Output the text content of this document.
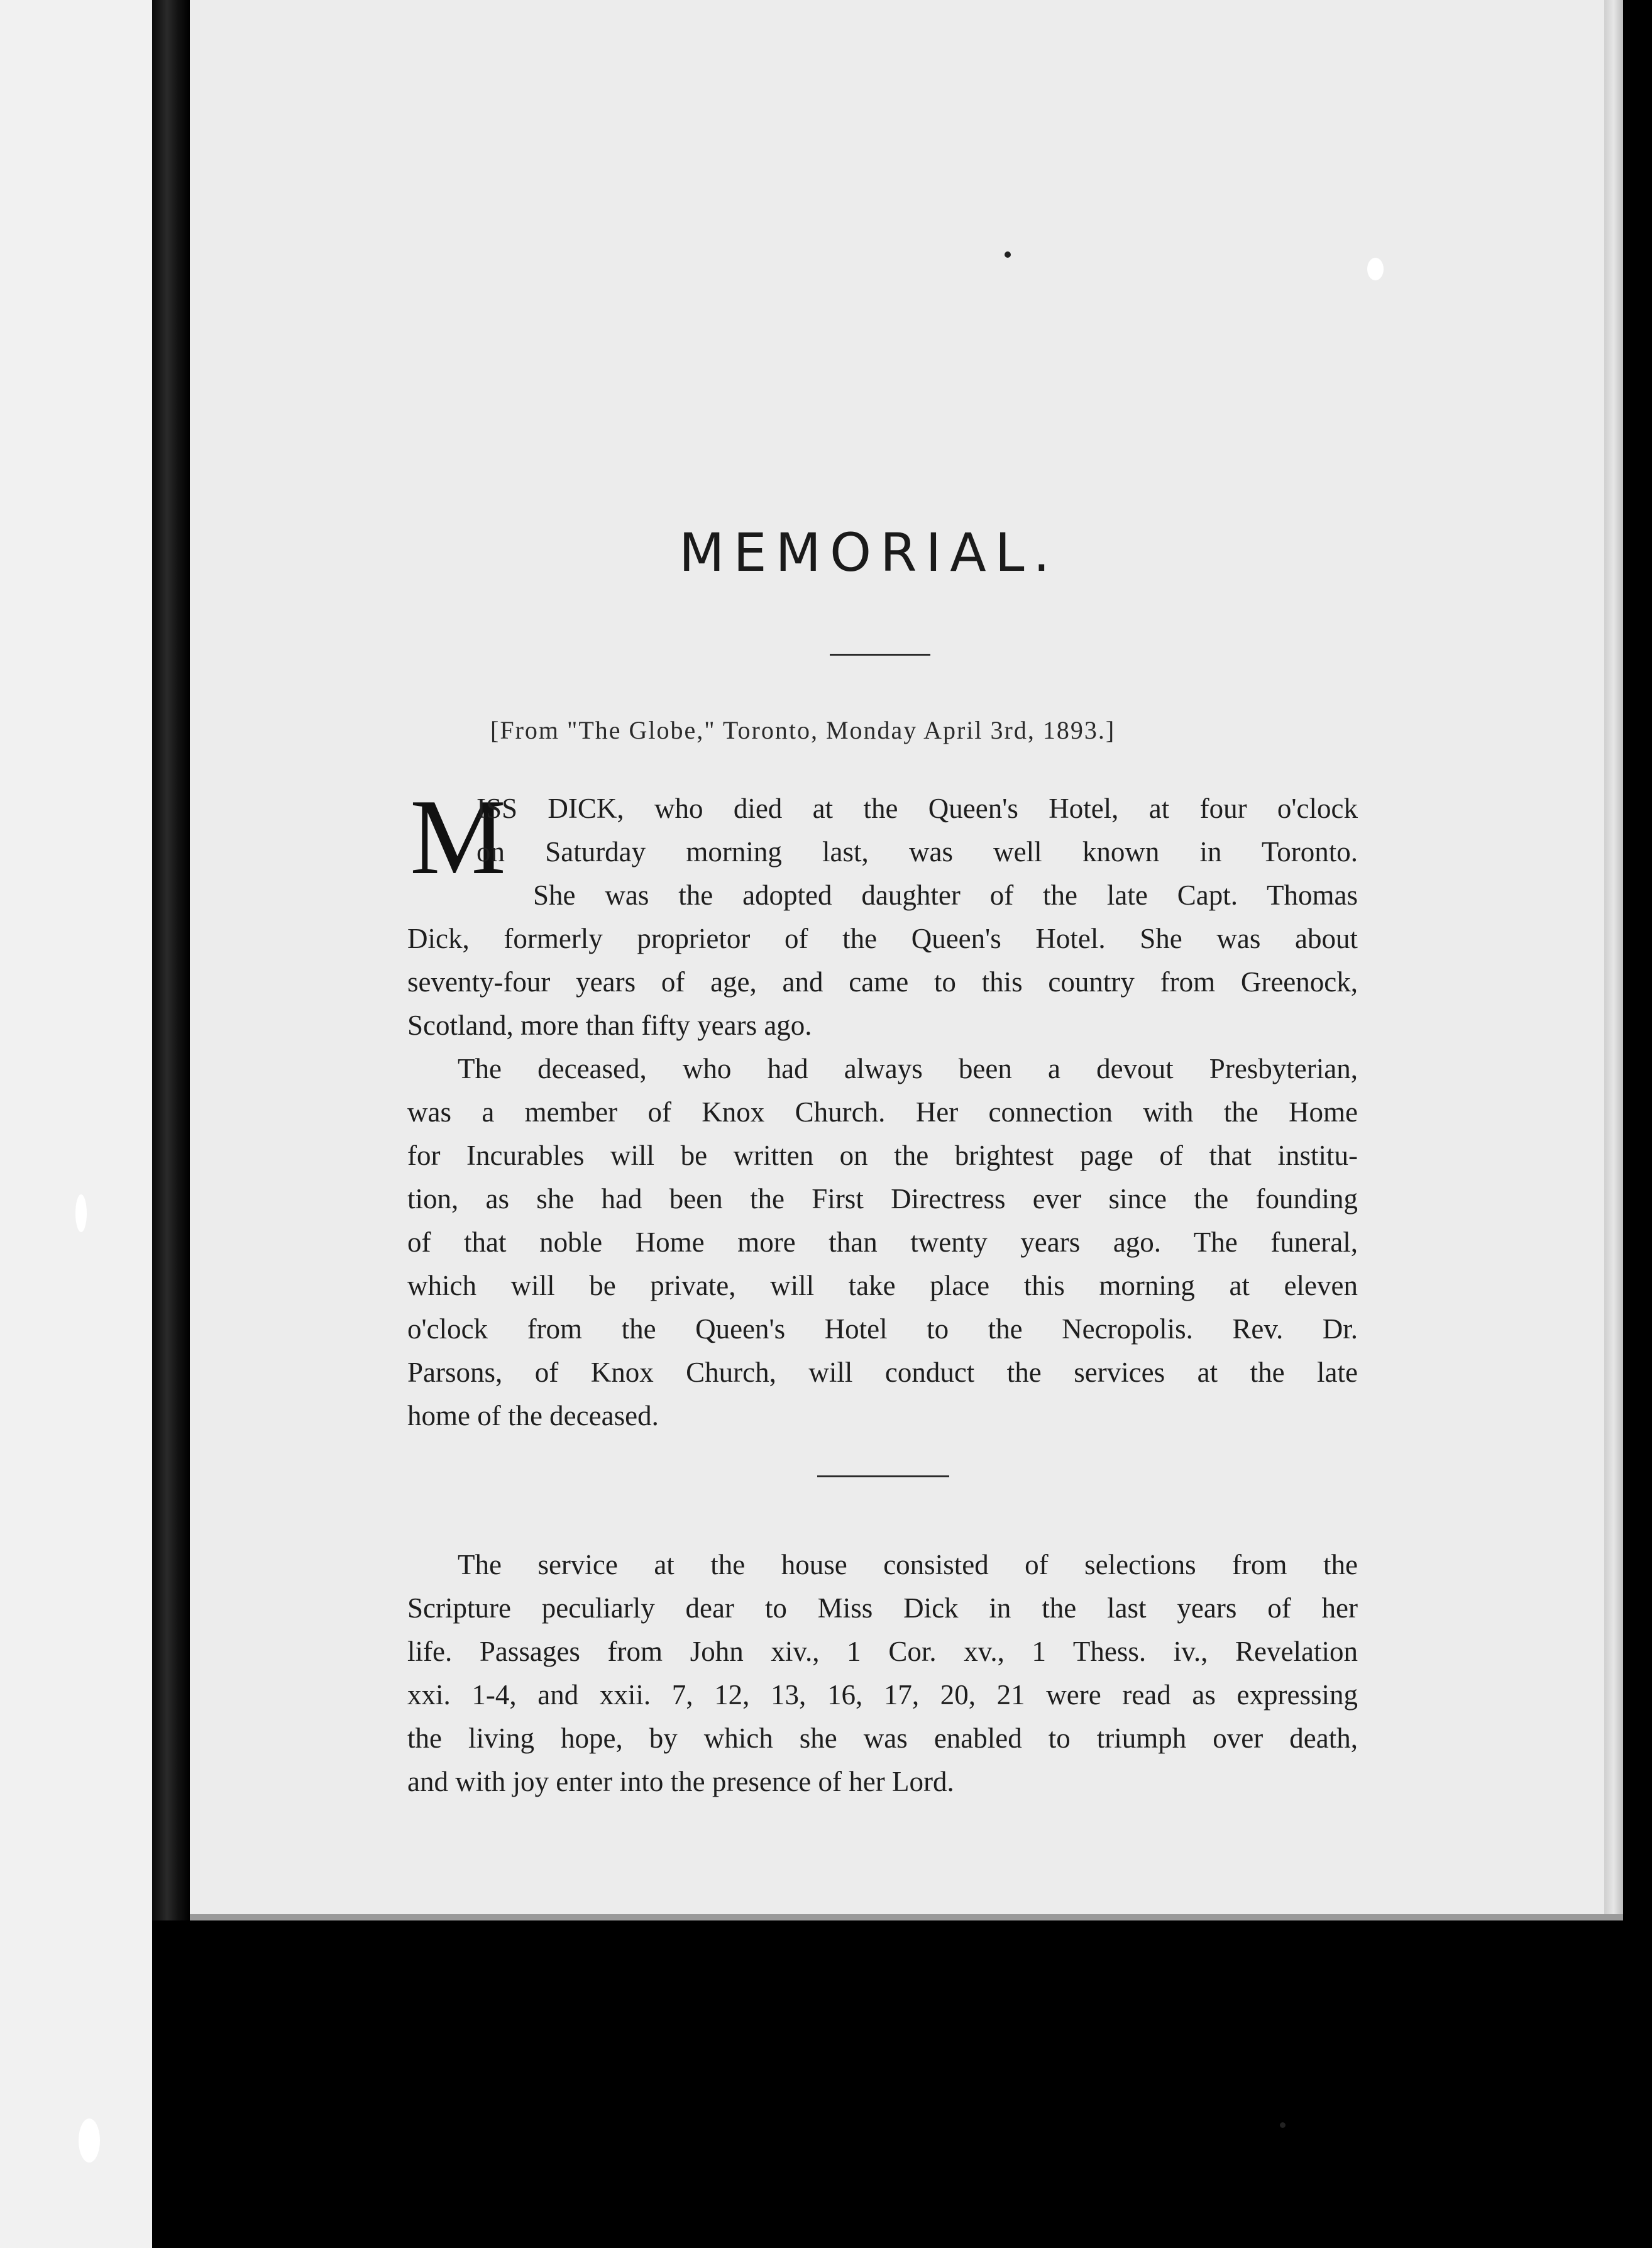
MEMORIAL.
[From "The Globe," Toronto, Monday April 3rd, 1893.]
M
ISS DICK, who died at the Queen's Hotel, at four o'clock
on Saturday morning last, was well known in Toronto.
She was the adopted daughter of the late Capt. Thomas
Dick, formerly proprietor of the Queen's Hotel. She was about
seventy-four years of age, and came to this country from Greenock,
Scotland, more than fifty years ago.
The deceased, who had always been a devout Presbyterian,
was a member of Knox Church. Her connection with the Home
for Incurables will be written on the brightest page of that institu-
tion, as she had been the First Directress ever since the founding
of that noble Home more than twenty years ago. The funeral,
which will be private, will take place this morning at eleven
o'clock from the Queen's Hotel to the Necropolis. Rev. Dr.
Parsons, of Knox Church, will conduct the services at the late
home of the deceased.
The service at the house consisted of selections from the
Scripture peculiarly dear to Miss Dick in the last years of her
life. Passages from John xiv., 1 Cor. xv., 1 Thess. iv., Revelation
xxi. 1-4, and xxii. 7, 12, 13, 16, 17, 20, 21 were read as expressing
the living hope, by which she was enabled to triumph over death,
and with joy enter into the presence of her Lord.
